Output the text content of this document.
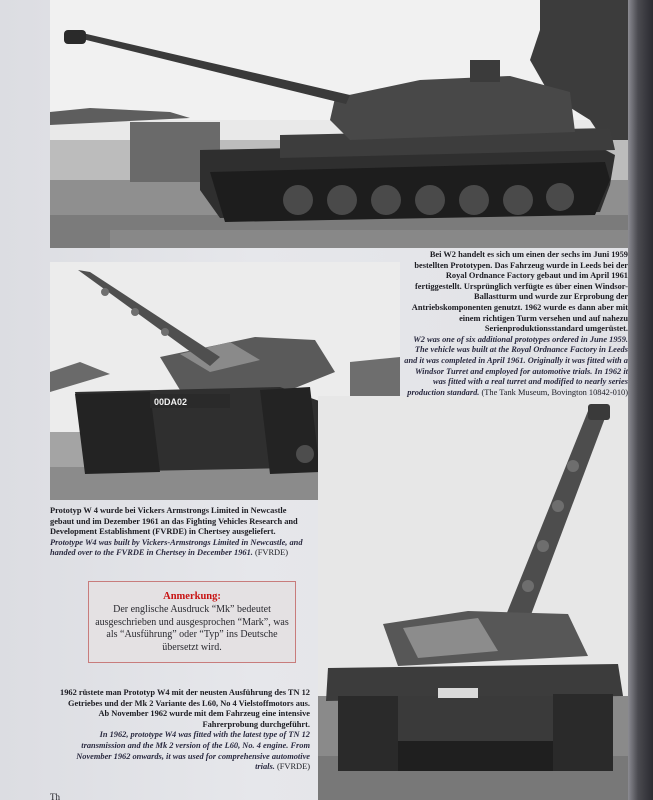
00DA02

Bei W2 handelt es sich um einen der sechs im Juni 1959 bestellten Prototypen. Das Fahrzeug wurde in Leeds bei der Royal Ordnance Factory gebaut und im April 1961 fertiggestellt. Ursprünglich verfügte es über einen Windsor-Ballastturm und wurde zur Erprobung der Antriebskomponenten genutzt. 1962 wurde es dann aber mit einem richtigen Turm versehen und auf nahezu Serienproduktionsstandard umgerüstet.

W2 was one of six additional prototypes ordered in June 1959. The vehicle was built at the Royal Ordnance Factory in Leeds and it was completed in April 1961. Originally it was fitted with a Windsor Turret and employed for automotive trials. In 1962 it was fitted with a real turret and modified to nearly series production standard. (The Tank Museum, Bovington 10842-010)

Prototyp W 4 wurde bei Vickers Armstrongs Limited in Newcastle gebaut und im Dezember 1961 an das Fighting Vehicles Research and Development Establishment (FVRDE) in Chertsey ausgeliefert.

Prototype W4 was built by Vickers-Armstrongs Limited in Newcastle, and handed over to the FVRDE in Chertsey in December 1961. (FVRDE)

Anmerkung:

Der englische Ausdruck “Mk” bedeutet ausgeschrieben und ausgesprochen “Mark”, was als “Ausführung” oder “Typ” ins Deutsche übersetzt wird.

1962 rüstete man Prototyp W4 mit der neusten Ausführung des TN 12 Getriebes und der Mk 2 Variante des L60, No 4 Vielstoffmotors aus. Ab November 1962 wurde mit dem Fahrzeug eine intensive Fahrerprobung durchgeführt.

In 1962, prototype W4 was fitted with the latest type of TN 12 transmission and the Mk 2 version of the L60, No. 4 engine. From November 1962 onwards, it was used for comprehensive automotive trials. (FVRDE)

Th
